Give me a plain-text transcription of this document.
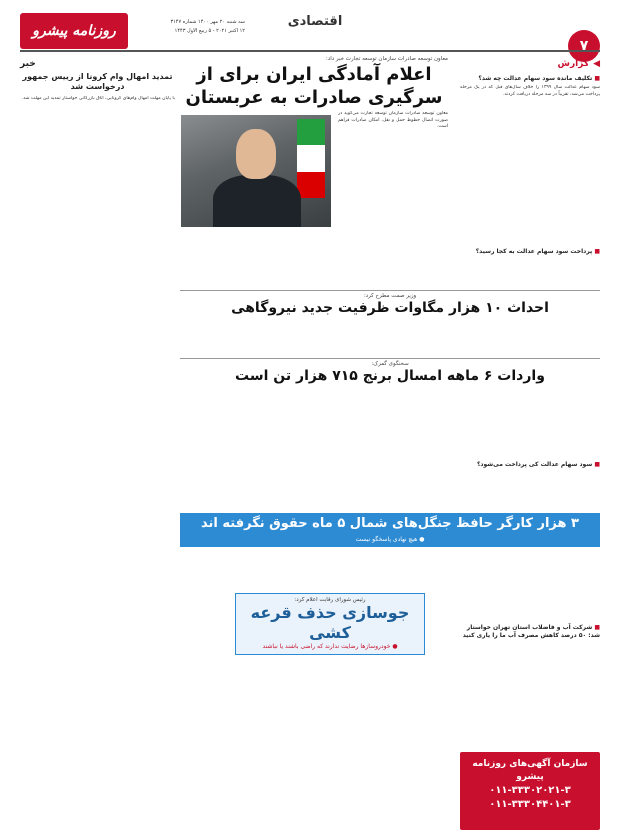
۷
اقتصادی
سه شنبه ۲۰ مهر ۱۴۰۰ شماره ۳۱۴۷
۱۲ اکتبر ۲۰۲۱ - ۵ ربیع الاول ۱۴۴۳
روزنامه پیشرو
◀
گزارش
خبر
■ تکلیف مانده سود سهام عدالت چه شد؟
سود سهام عدالت سال ۱۳۹۹ را خلاف سال‌های قبل که در یک مرحله پرداخت می‌شد، تقریباً در سه مرحله دریافت کردند.
■ پرداخت سود سهام عدالت به کجا رسید؟
■ سود سهام عدالت کی پرداخت می‌شود؟
■ شرکت آب و فاضلاب استان تهران خواستار شد: ۵۰ درصد کاهش مصرف آب ما را یاری کنید
تمدید امهال وام کرونا از رییس جمهور درخواست شد
با پایان مهلت امهال وام‌های کرونایی، اتاق بازرگانی خواستار تمدید این مهلت شد.
معاون توسعه صادرات سازمان توسعه تجارت خبر داد:
اعلام آمادگی ایران برای از سرگیری صادرات به عربستان
معاون توسعه صادرات سازمان توسعه تجارت می‌گوید در صورت اتصال خطوط حمل و نقل، امکان صادرات فراهم است.
وزیر صمت مطرح کرد:
احداث ۱۰ هزار مگاوات ظرفیت جدید نیروگاهی
سخنگوی گمرک:
واردات ۶ ماهه امسال برنج ۷۱۵ هزار تن است
۳ هزار کارگر حافظ جنگل‌های شمال ۵ ماه حقوق نگرفته اند
● هیچ نهادی پاسخگو نیست
رئیس شورای رقابت اعلام کرد:
جوسازی حذف قرعه کشی
● خودروسازها رضایت ندارند که راضی باشند یا نباشند
سازمان آگهی‌های روزنامه پیشرو
۰۱۱-۳۳۳۰۲۰۲۱-۳
۰۱۱-۳۳۳۰۴۴۰۱-۳
